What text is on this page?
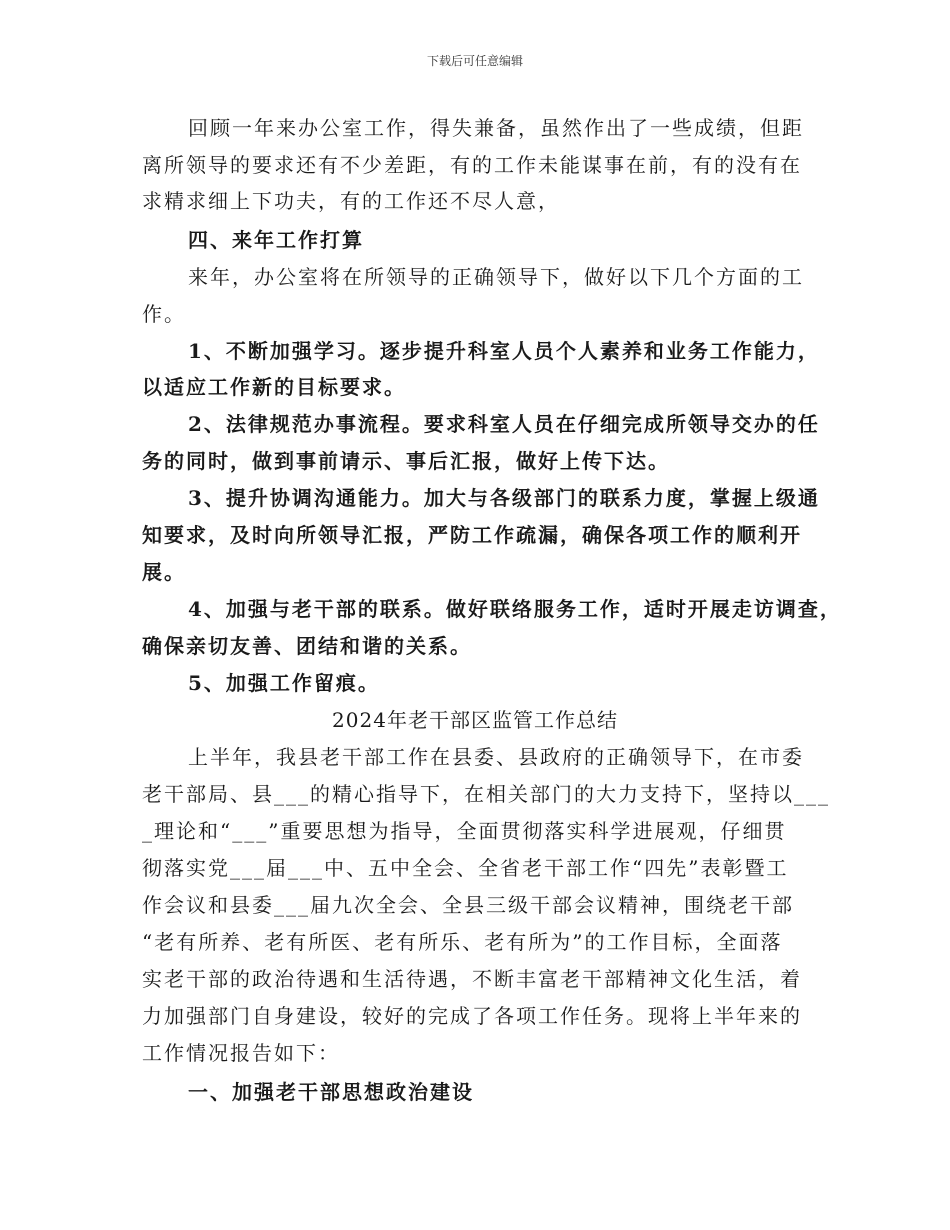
下载后可任意编辑
回顾一年来办公室工作，得失兼备，虽然作出了一些成绩，但距
离所领导的要求还有不少差距，有的工作未能谋事在前，有的没有在
求精求细上下功夫，有的工作还不尽人意，
四、来年工作打算
来年，办公室将在所领导的正确领导下，做好以下几个方面的工
作。
1、不断加强学习。逐步提升科室人员个人素养和业务工作能力，
以适应工作新的目标要求。
2、法律规范办事流程。要求科室人员在仔细完成所领导交办的任
务的同时，做到事前请示、事后汇报，做好上传下达。
3、提升协调沟通能力。加大与各级部门的联系力度，掌握上级通
知要求，及时向所领导汇报，严防工作疏漏，确保各项工作的顺利开
展。
4、加强与老干部的联系。做好联络服务工作，适时开展走访调查，
确保亲切友善、团结和谐的关系。
5、加强工作留痕。
2024年老干部区监管工作总结
上半年，我县老干部工作在县委、县政府的正确领导下，在市委
老干部局、县___的精心指导下，在相关部门的大力支持下，坚持以___
_理论和“___”重要思想为指导，全面贯彻落实科学进展观，仔细贯
彻落实党___届___中、五中全会、全省老干部工作“四先”表彰暨工
作会议和县委___届九次全会、全县三级干部会议精神，围绕老干部
“老有所养、老有所医、老有所乐、老有所为”的工作目标，全面落
实老干部的政治待遇和生活待遇，不断丰富老干部精神文化生活，着
力加强部门自身建设，较好的完成了各项工作任务。现将上半年来的
工作情况报告如下：
一、加强老干部思想政治建设
